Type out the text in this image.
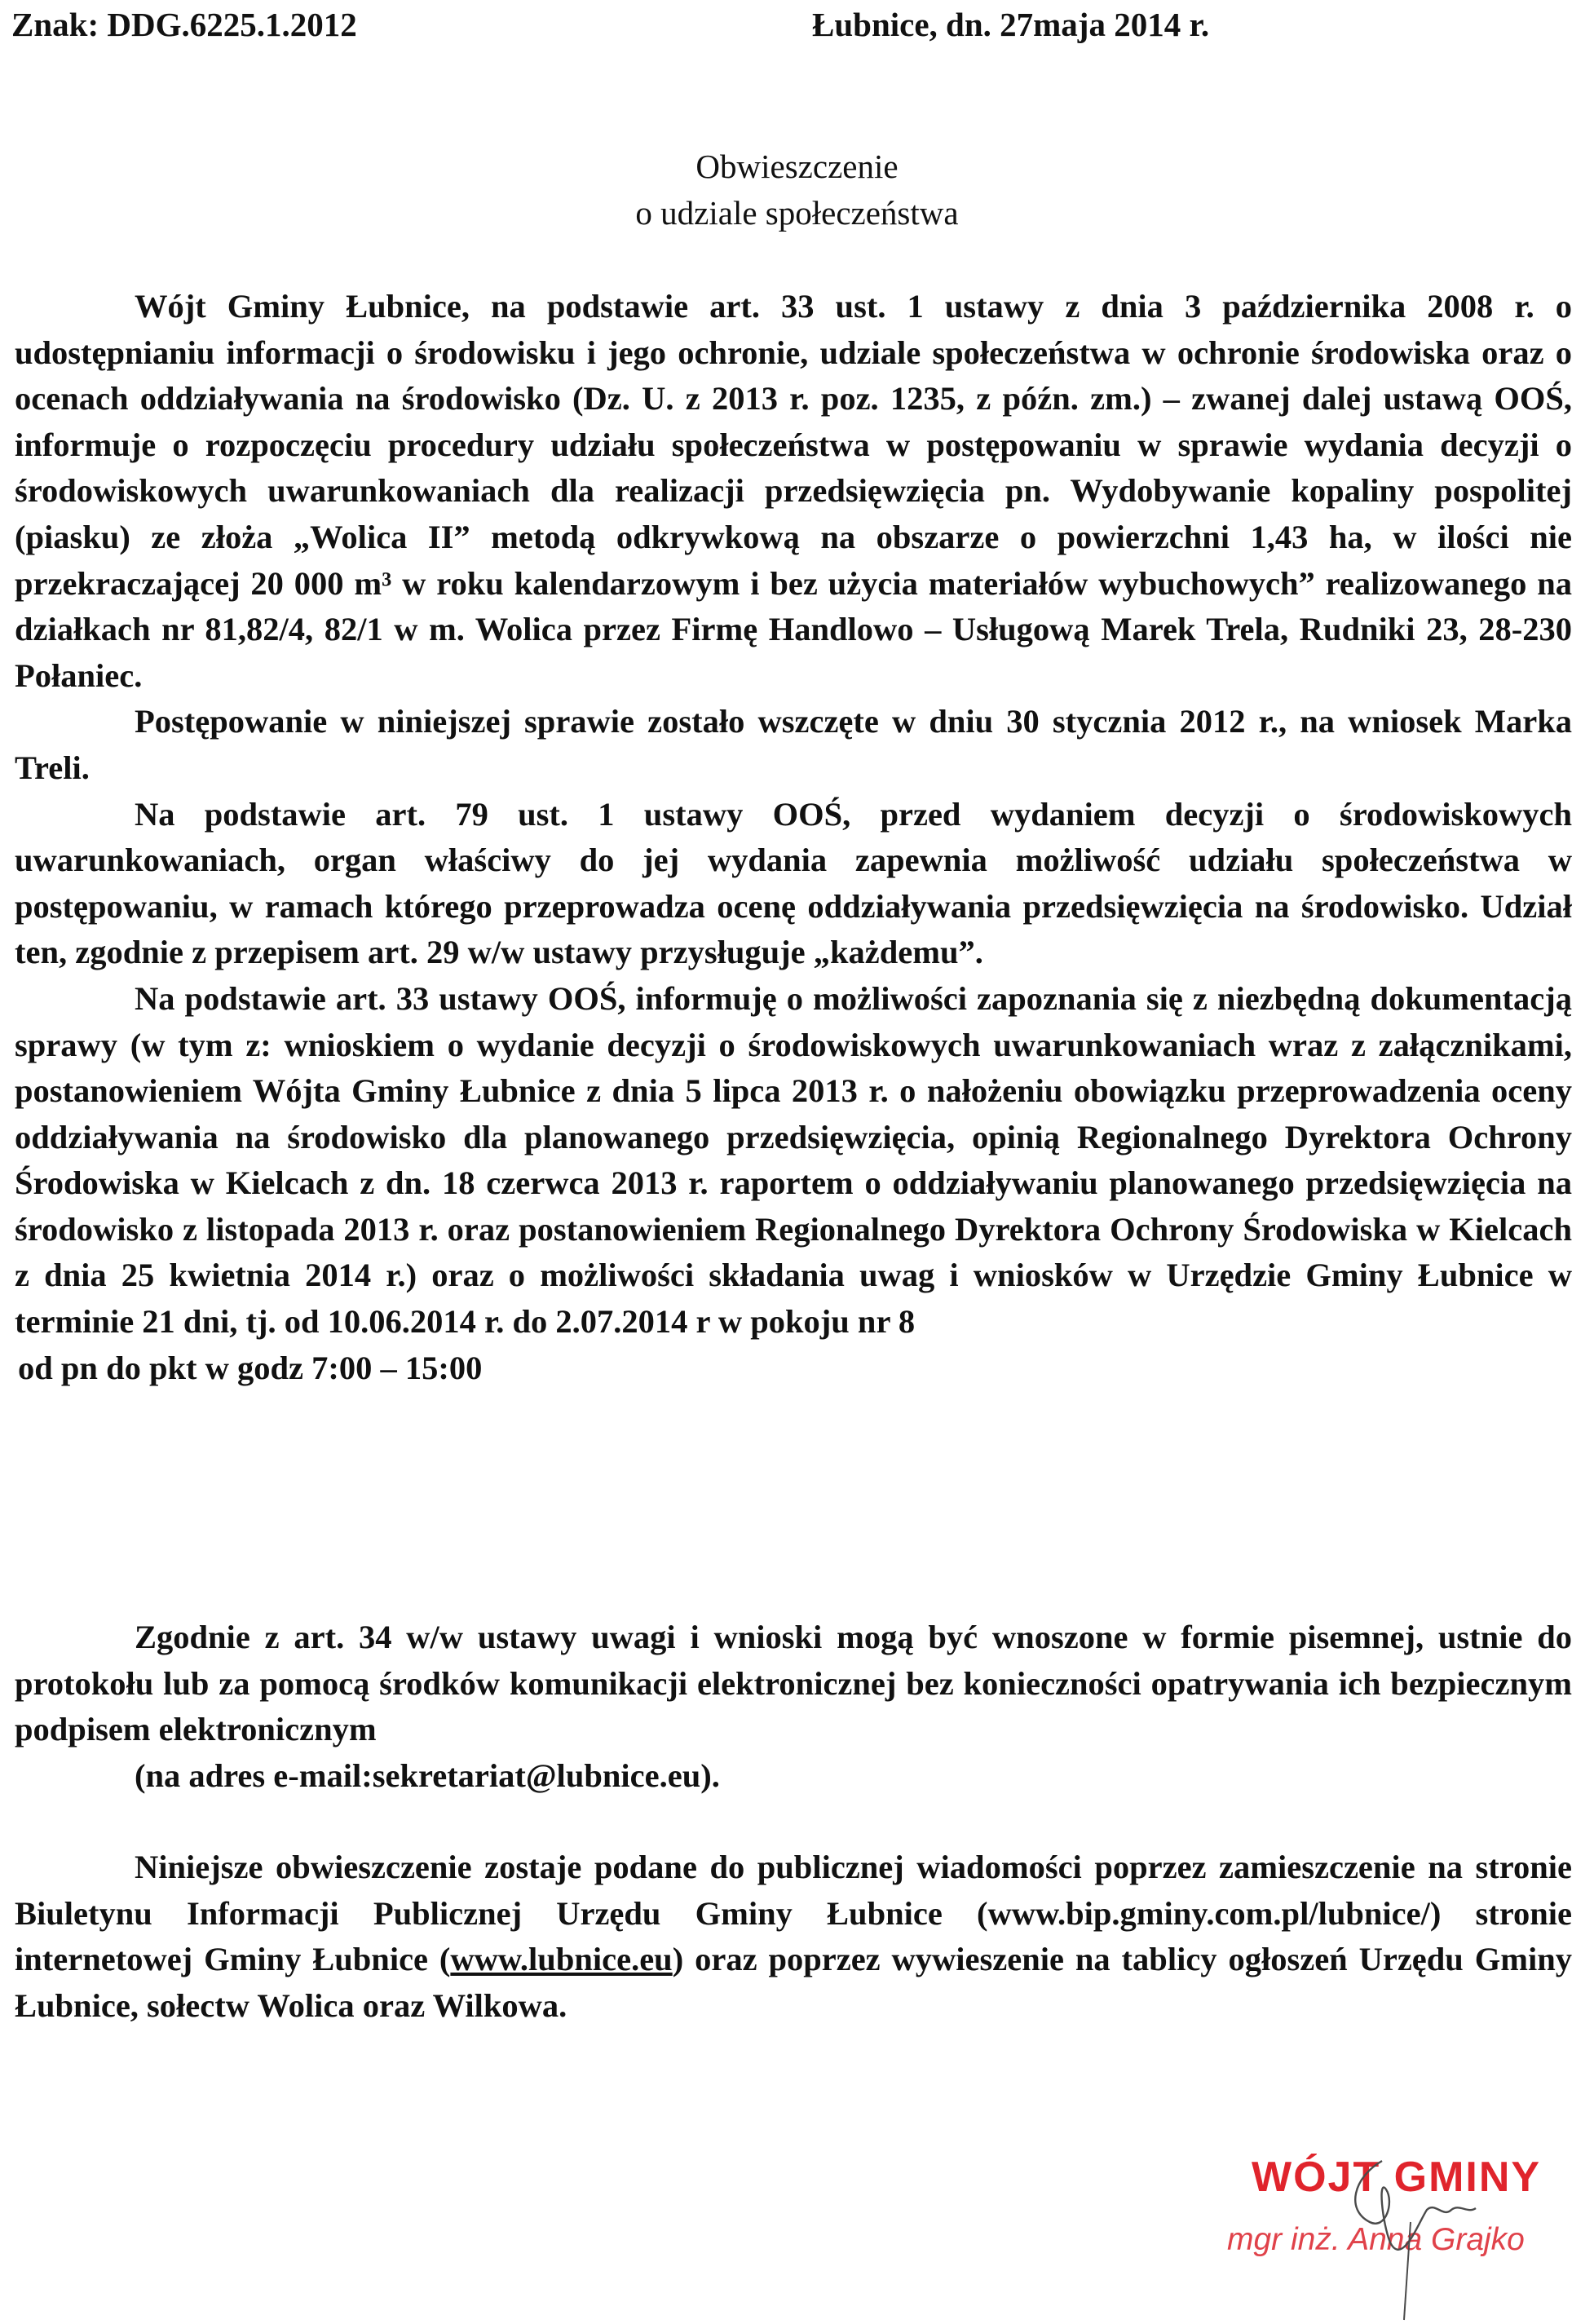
Znak: DDG.6225.1.2012	Łubnice, dn. 27maja 2014 r.
Obwieszczenie
o udziale społeczeństwa

Wójt Gminy Łubnice, na podstawie art. 33 ust. 1 ustawy z dnia 3 października 2008 r. o udostępnianiu informacji o środowisku i jego ochronie, udziale społeczeństwa w ochronie środowiska oraz o ocenach oddziaływania na środowisko (Dz. U. z 2013 r. poz. 1235, z późn. zm.) – zwanej dalej ustawą OOŚ, informuje o rozpoczęciu procedury udziału społeczeństwa w postępowaniu w sprawie wydania decyzji o środowiskowych uwarunkowaniach dla realizacji przedsięwzięcia pn. Wydobywanie kopaliny pospolitej (piasku) ze złoża „Wolica II” metodą odkrywkową na obszarze o powierzchni 1,43 ha, w ilości nie przekraczającej 20 000 m³ w roku kalendarzowym i bez użycia materiałów wybuchowych” realizowanego na działkach nr 81,82/4, 82/1 w m. Wolica przez Firmę Handlowo – Usługową Marek Trela, Rudniki 23, 28-230 Połaniec.

Postępowanie w niniejszej sprawie zostało wszczęte w dniu 30 stycznia 2012 r., na wniosek Marka Treli.

Na podstawie art. 79 ust. 1 ustawy OOŚ, przed wydaniem decyzji o środowiskowych uwarunkowaniach, organ właściwy do jej wydania zapewnia możliwość udziału społeczeństwa w postępowaniu, w ramach którego przeprowadza ocenę oddziaływania przedsięwzięcia na środowisko. Udział ten, zgodnie z przepisem art. 29 w/w ustawy przysługuje „każdemu”.

Na podstawie art. 33 ustawy OOŚ, informuję o możliwości zapoznania się z niezbędną dokumentacją sprawy (w tym z: wnioskiem o wydanie decyzji o środowiskowych uwarunkowaniach wraz z załącznikami, postanowieniem Wójta Gminy Łubnice z dnia 5 lipca 2013 r. o nałożeniu obowiązku przeprowadzenia oceny oddziaływania na środowisko dla planowanego przedsięwzięcia, opinią Regionalnego Dyrektora Ochrony Środowiska w Kielcach z dn. 18 czerwca 2013 r. raportem o oddziaływaniu planowanego przedsięwzięcia na środowisko z listopada 2013 r. oraz postanowieniem Regionalnego Dyrektora Ochrony Środowiska w Kielcach z dnia 25 kwietnia 2014 r.) oraz o możliwości składania uwag i wniosków w Urzędzie Gminy Łubnice w terminie 21 dni, tj. od 10.06.2014 r. do 2.07.2014 r w pokoju nr 8

od pn do pkt w godz 7:00 – 15:00

Zgodnie z art. 34 w/w ustawy uwagi i wnioski mogą być wnoszone w formie pisemnej, ustnie do protokołu lub za pomocą środków komunikacji elektronicznej bez konieczności opatrywania ich bezpiecznym podpisem elektronicznym

(na adres e-mail:sekretariat@lubnice.eu).

Niniejsze obwieszczenie zostaje podane do publicznej wiadomości poprzez zamieszczenie na stronie Biuletynu Informacji Publicznej Urzędu Gminy Łubnice (www.bip.gminy.com.pl/lubnice/) stronie internetowej Gminy Łubnice (www.lubnice.eu) oraz poprzez wywieszenie na tablicy ogłoszeń Urzędu Gminy Łubnice, sołectw Wolica oraz Wilkowa.

WÓJT GMINY
mgr inż. Anna Grajko
